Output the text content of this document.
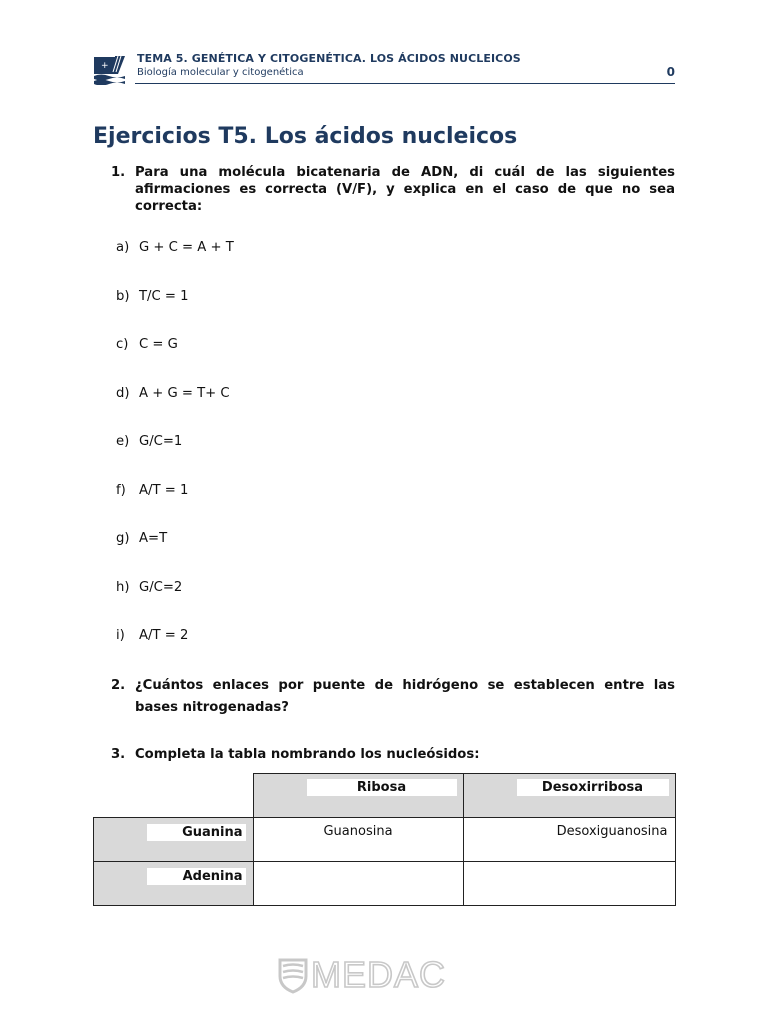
+
TEMA 5. GENÉTICA Y CITOGENÉTICA. LOS ÁCIDOS NUCLEICOS
Biología molecular y citogenética	0
Ejercicios T5. Los ácidos nucleicos
1. Para una molécula bicatenaria de ADN, di cuál de las siguientes afirmaciones es correcta (V/F), y explica en el caso de que no sea correcta:
a) G + C = A + T
b) T/C = 1
c) C = G
d) A + G = T+ C
e) G/C=1
f) A/T = 1
g) A=T
h) G/C=2
i) A/T = 2
2. ¿Cuántos enlaces por puente de hidrógeno se establecen entre las bases nitrogenadas?
3. Completa la tabla nombrando los nucleósidos:

	Ribosa	Desoxirribosa

Guanina	Guanosina	Desoxiguanosina

Adenina		

MEDAC
